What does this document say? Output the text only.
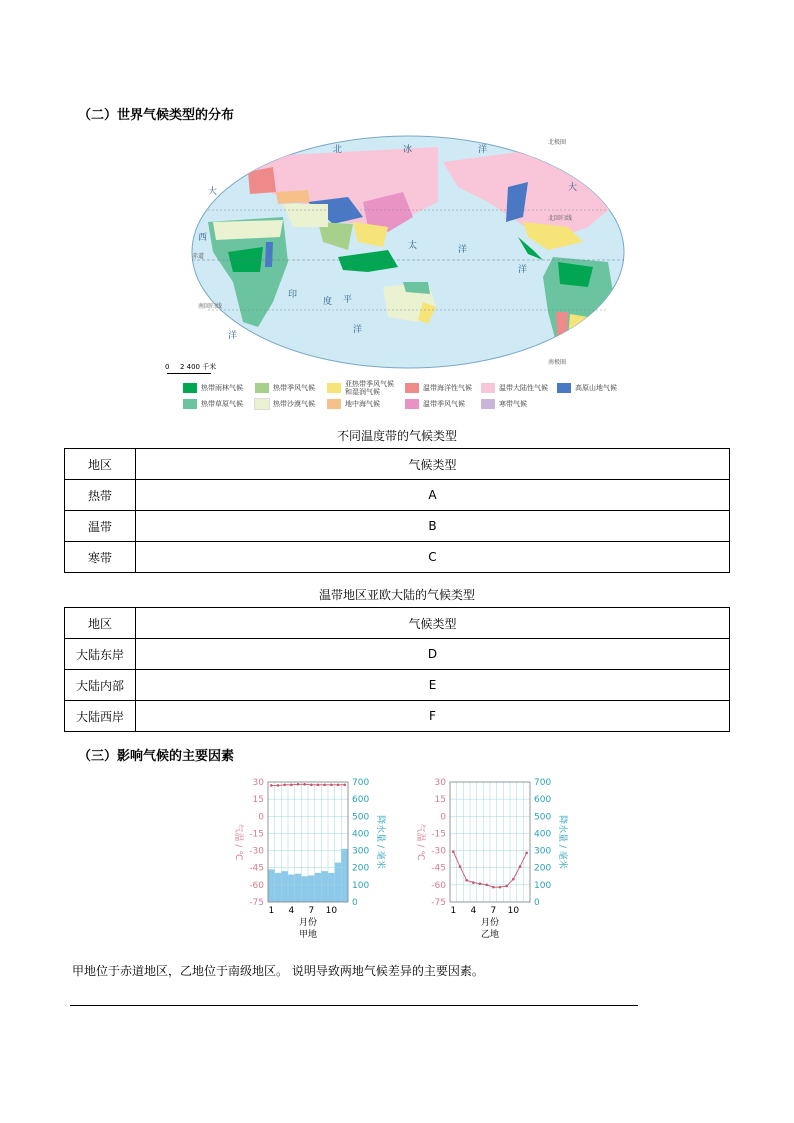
（二）世界气候类型的分布
北	冰	洋
大
西
洋
太
平
洋
印
度
洋
大
洋
赤道
北回归线
南回归线
南极圈
北极圈
0 2 400 千米
热带雨林气候	热带季风气候	亚热带季风气候
和湿润气候	温带海洋性气候	温带大陆性气候	高原山地气候
热带草原气候	热带沙漠气候	地中海气候	温带季风气候	寒带气候
不同温度带的气候类型
地区	气候类型
热带	A
温带	B
寒带	C
温带地区亚欧大陆的气候类型
地区	气候类型
大陆东岸	D
大陆内部	E
大陆西岸	F
（三）影响气候的主要因素
30
15
0
-15
-30
-45
-60
-75
700
600
500
400
300
200
100
0
1 4 7 10
气温 / ℃	降水量 / 毫米
月份
甲地
30
15
0
-15
-30
-45
-60
-75
700
600
500
400
300
200
100
0
1 4 7 10
气温 / ℃	降水量 / 毫米
月份
乙地
甲地位于赤道地区，乙地位于南级地区。 说明导致两地气候差异的主要因素。
